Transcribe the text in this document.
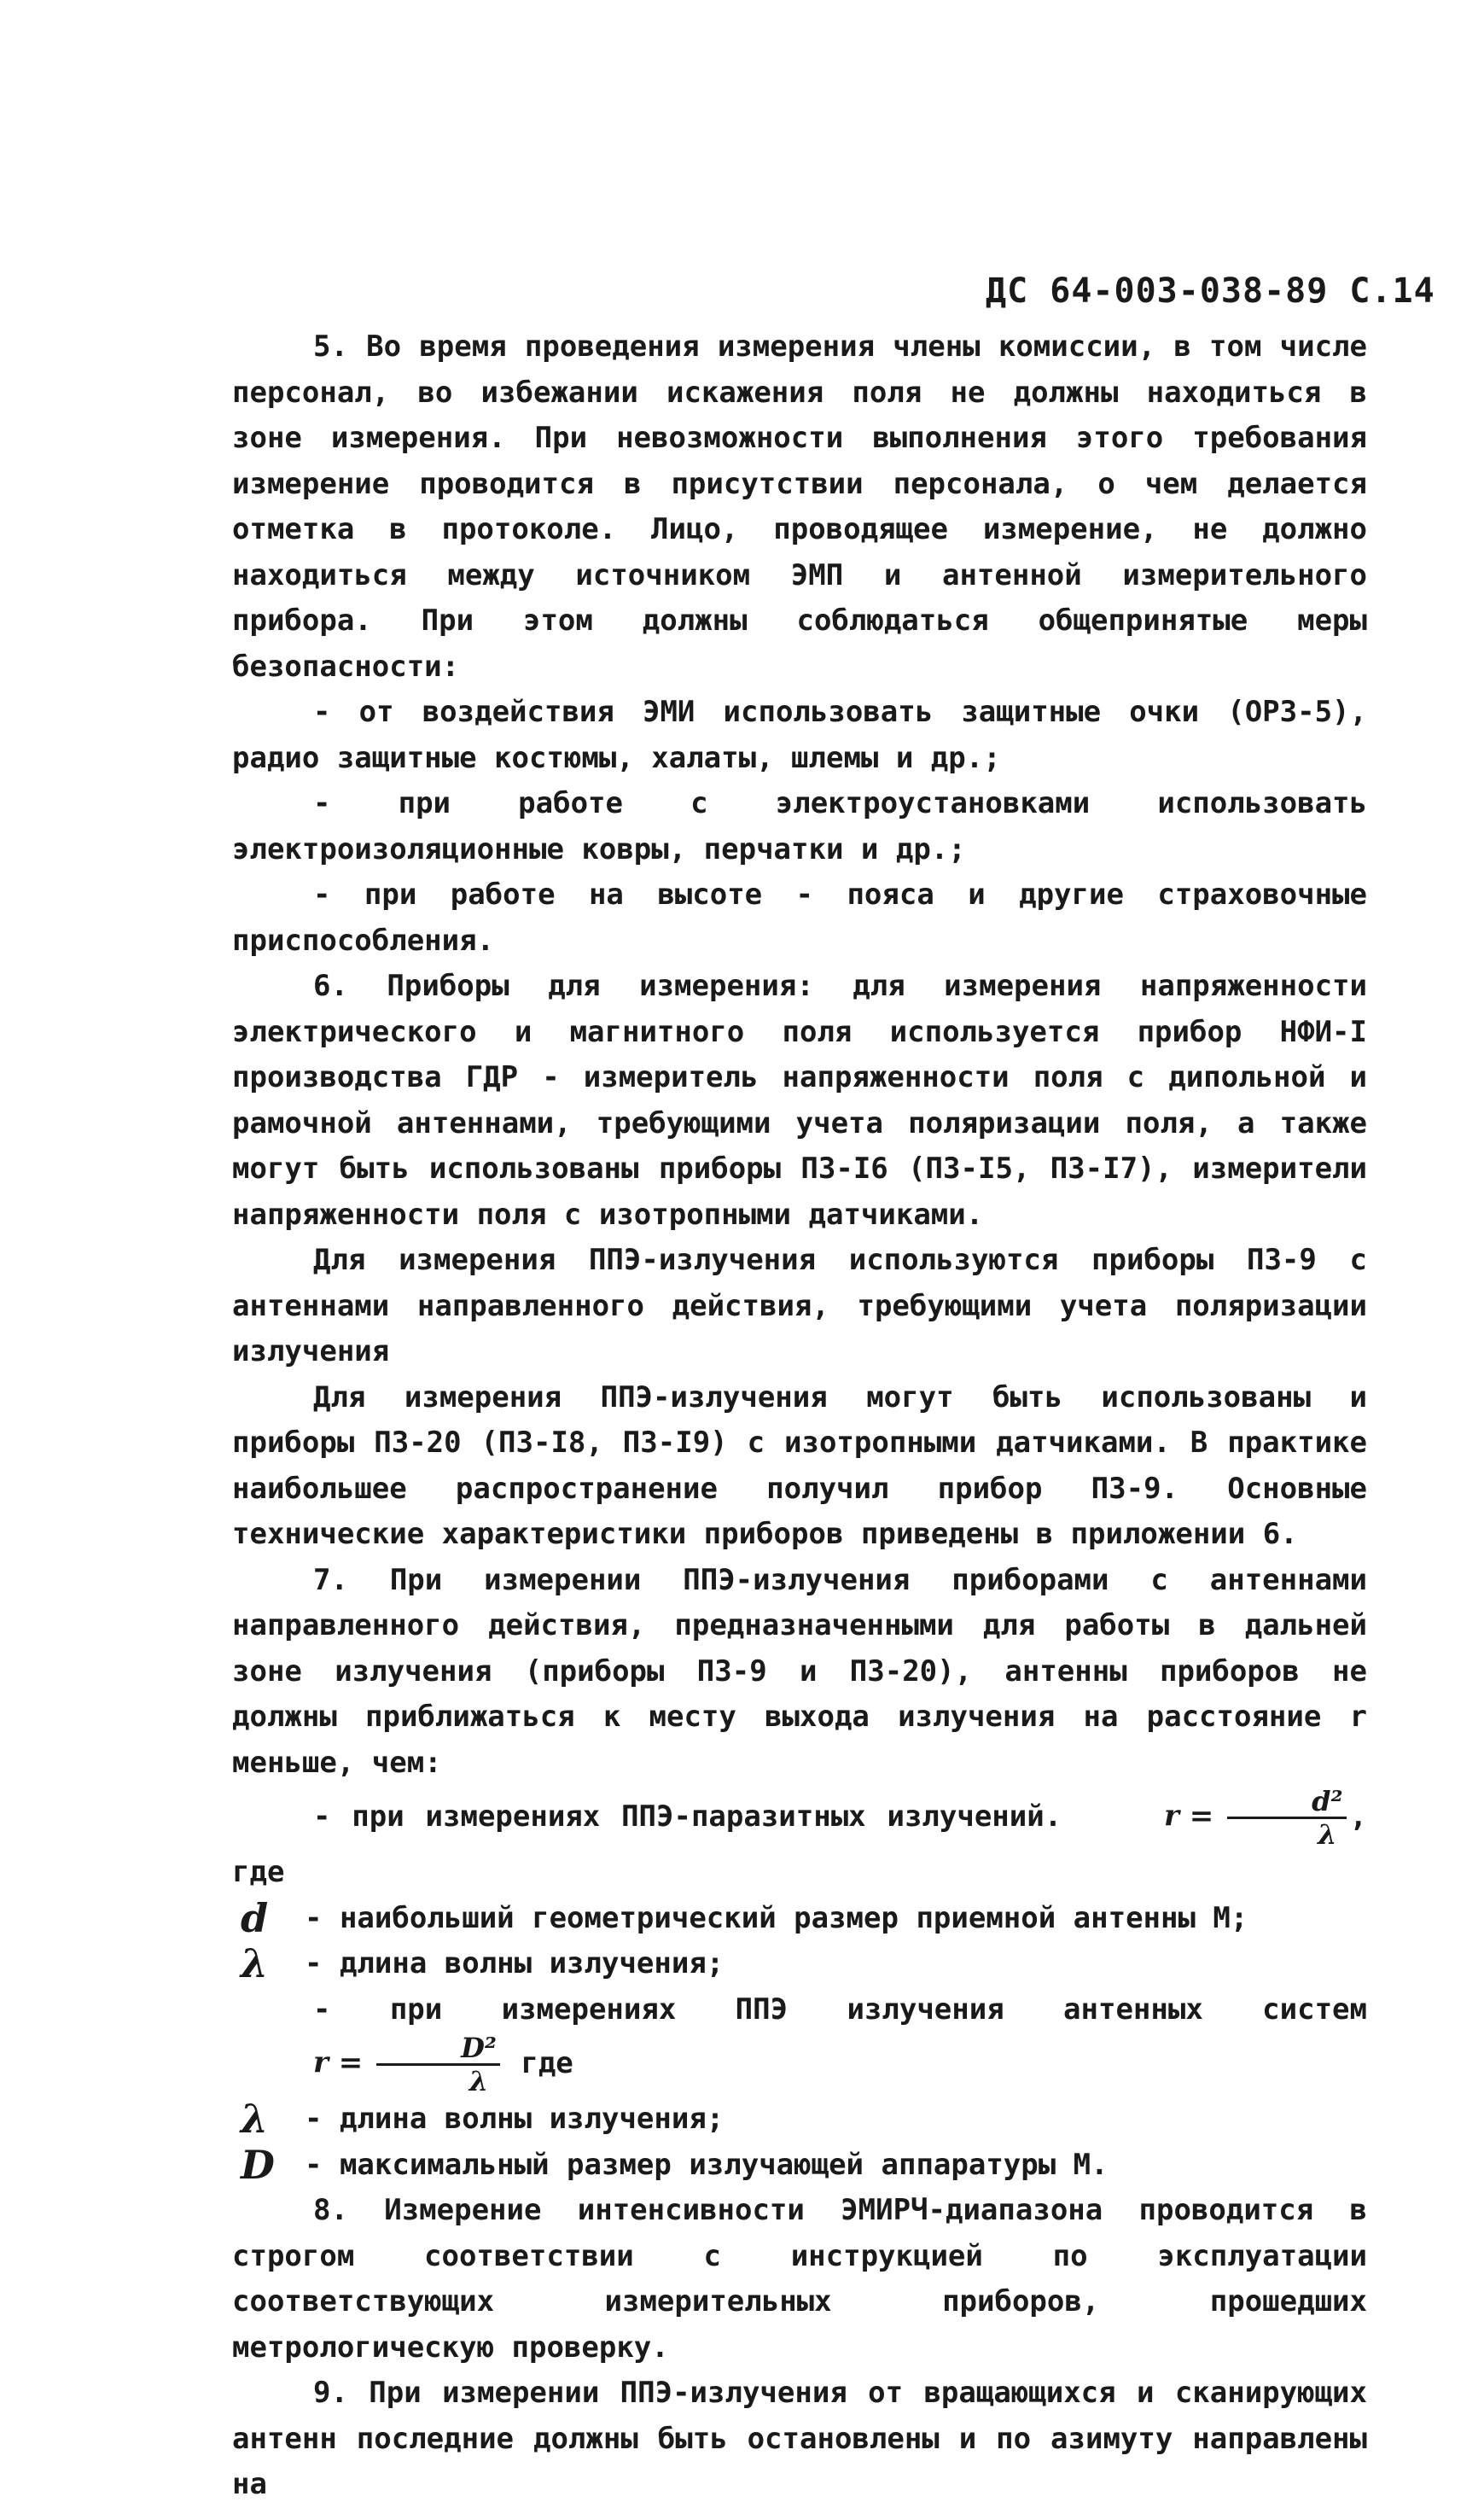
ДС 64-003-038-89 С.14

5. Во время проведения измерения члены комиссии, в том числе персонал, во избежании искажения поля не должны находиться в зоне измерения. При невозможности выполнения этого требования измерение проводится в присутствии персонала, о чем делается отметка в протоколе. Лицо, проводящее измерение, не должно находиться между источником ЭМП и антенной измерительного прибора. При этом должны соблюдаться общепринятые меры безопасности:

- от воздействия ЭМИ использовать защитные очки (ОРЗ-5), радио защитные костюмы, халаты, шлемы и др.;

- при работе с электроустановками использовать электроизоляционные ковры, перчатки и др.;

- при работе на высоте - пояса и другие страховочные приспособления.

6. Приборы для измерения: для измерения напряженности электрического и магнитного поля используется прибор НФИ-I производства ГДР - измеритель напряженности поля с дипольной и рамочной антеннами, требующими учета поляризации поля, а также могут быть использованы приборы П3-I6 (П3-I5, П3-I7), измерители напряженности поля с изотропными датчиками.

Для измерения ППЭ-излучения используются приборы П3-9 с антеннами направленного действия, требующими учета поляризации излучения

Для измерения ППЭ-излучения могут быть использованы и приборы П3-20 (П3-I8, П3-I9) с изотропными датчиками. В практике наибольшее распространение получил прибор П3-9. Основные технические характеристики приборов приведены в приложении 6.

7. При измерении ППЭ-излучения приборами с антеннами направленного действия, предназначенными для работы в дальней зоне излучения (приборы П3-9 и П3-20), антенны приборов не должны приближаться к месту выхода излучения на расстояние r меньше, чем:

- при измерениях ППЭ-паразитных излучений.	$r = \frac{\text{d²}}{\lambda}$ , где

d - наибольший геометрический размер приемной антенны М;

λ - длина волны излучения;

- при измерениях ППЭ излучения антенных систем $r = \frac{\text{D²}}{\lambda}$ где

λ - длина волны излучения;

D - максимальный размер излучающей аппаратуры М.

8. Измерение интенсивности ЭМИРЧ-диапазона проводится в строгом соответствии с инструкцией по эксплуатации соответствующих измерительных приборов, прошедших метрологическую проверку.

9. При измерении ППЭ-излучения от вращающихся и сканирующих антенн последние должны быть остановлены и по азимуту направлены на
